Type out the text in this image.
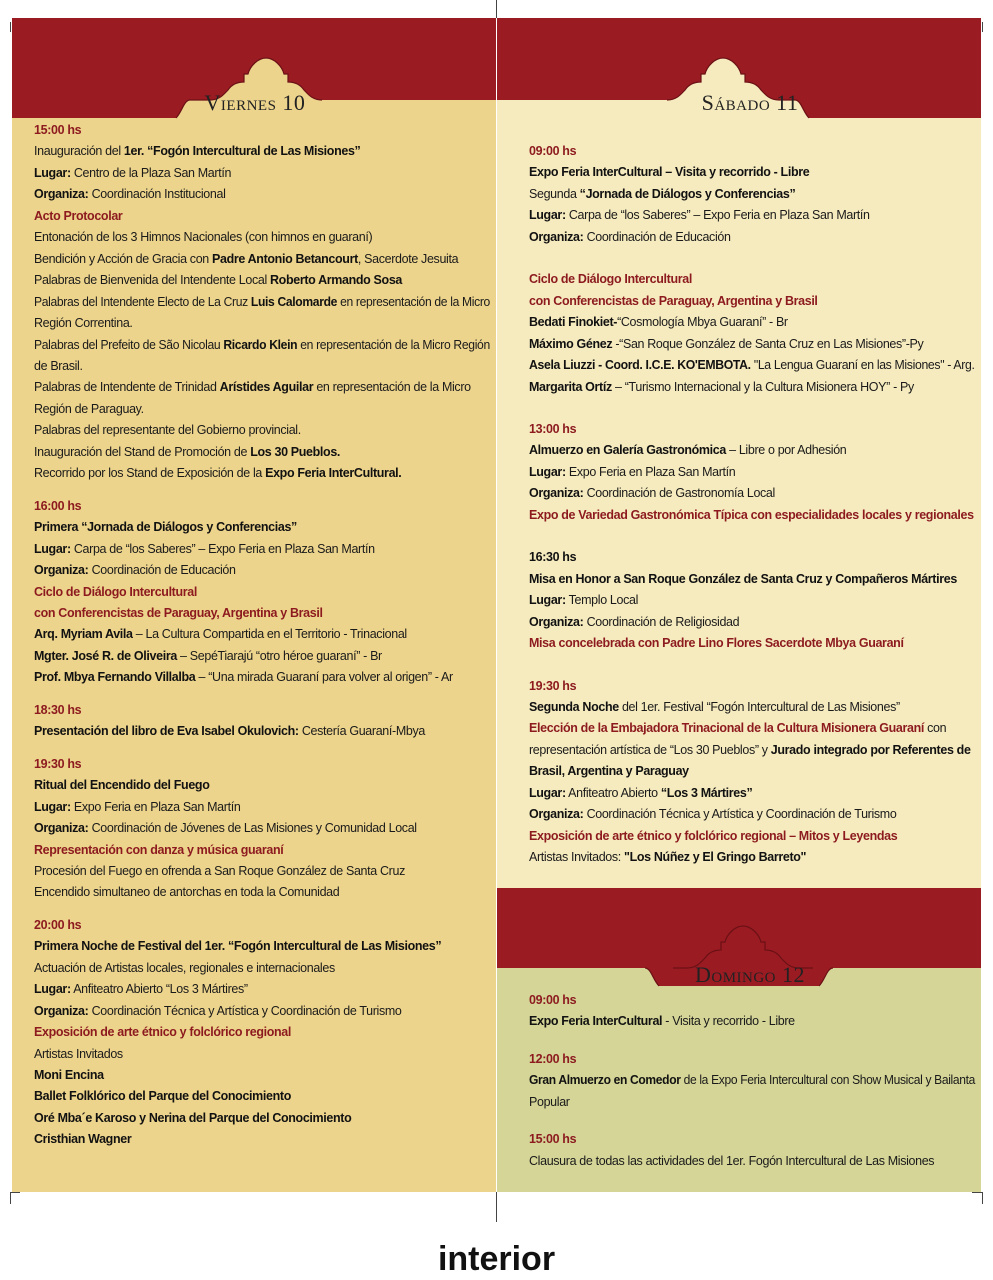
Viernes 10
15:00 hs
Inauguración del 1er. “Fogón Intercultural de Las Misiones”
Lugar: Centro de la Plaza San Martín
Organiza: Coordinación Institucional
Acto Protocolar
Entonación de los 3 Himnos Nacionales (con himnos en guaraní)
Bendición y Acción de Gracia con Padre Antonio Betancourt, Sacerdote Jesuita
Palabras de Bienvenida del Intendente Local Roberto Armando Sosa
Palabras del Intendente Electo de La Cruz Luis Calomarde en representación de la Micro
Región Correntina.
Palabras del Prefeito de São Nicolau Ricardo Klein en representación de la Micro Región
de Brasil.
Palabras de Intendente de Trinidad Arístides Aguilar en representación de la Micro
Región de Paraguay.
Palabras del representante del Gobierno provincial.
Inauguración del Stand de Promoción de Los 30 Pueblos.
Recorrido por los Stand de Exposición de la Expo Feria InterCultural.
16:00 hs
Primera “Jornada de Diálogos y Conferencias”
Lugar: Carpa de “los Saberes” – Expo Feria en Plaza San Martín
Organiza: Coordinación de Educación
Ciclo de Diálogo Intercultural
con Conferencistas de Paraguay, Argentina y Brasil
Arq. Myriam Avila – La Cultura Compartida en el Territorio - Trinacional
Mgter. José R. de Oliveira – SepéTiarajú “otro héroe guaraní” - Br
Prof. Mbya Fernando Villalba – “Una mirada Guaraní para volver al origen” - Ar
18:30 hs
Presentación del libro de Eva Isabel Okulovich: Cestería Guaraní-Mbya
19:30 hs
Ritual del Encendido del Fuego
Lugar: Expo Feria en Plaza San Martín
Organiza: Coordinación de Jóvenes de Las Misiones y Comunidad Local
Representación con danza y música guaraní
Procesión del Fuego en ofrenda a San Roque González de Santa Cruz
Encendido simultaneo de antorchas en toda la Comunidad
20:00 hs
Primera Noche de Festival del 1er. “Fogón Intercultural de Las Misiones”
Actuación de Artistas locales, regionales e internacionales
Lugar: Anfiteatro Abierto “Los 3 Mártires”
Organiza: Coordinación Técnica y Artística y Coordinación de Turismo
Exposición de arte étnico y folclórico regional
Artistas Invitados
Moni Encina
Ballet Folklórico del Parque del Conocimiento
Oré Mba´e Karoso y Nerina del Parque del Conocimiento
Cristhian Wagner
Sábado 11
09:00 hs
Expo Feria InterCultural – Visita y recorrido - Libre
Segunda “Jornada de Diálogos y Conferencias”
Lugar: Carpa de “los Saberes” – Expo Feria en Plaza San Martín
Organiza: Coordinación de Educación
Ciclo de Diálogo Intercultural
con Conferencistas de Paraguay, Argentina y Brasil
Bedati Finokiet-“Cosmología Mbya Guaraní” - Br
Máximo Génez -“San Roque González de Santa Cruz en Las Misiones”-Py
Asela Liuzzi - Coord. I.C.E. KO'EMBOTA. "La Lengua Guaraní en las Misiones" - Arg.
Margarita Ortíz – “Turismo Internacional y la Cultura Misionera HOY” - Py
13:00 hs
Almuerzo en Galería Gastronómica – Libre o por Adhesión
Lugar: Expo Feria en Plaza San Martín
Organiza: Coordinación de Gastronomía Local
Expo de Variedad Gastronómica Típica con especialidades locales y regionales
16:30 hs
Misa en Honor a San Roque González de Santa Cruz y Compañeros Mártires
Lugar: Templo Local
Organiza: Coordinación de Religiosidad
Misa concelebrada con Padre Lino Flores Sacerdote Mbya Guaraní
19:30 hs
Segunda Noche del 1er. Festival “Fogón Intercultural de Las Misiones”
Elección de la Embajadora Trinacional de la Cultura Misionera Guaraní con
representación artística de “Los 30 Pueblos” y Jurado integrado por Referentes de
Brasil, Argentina y Paraguay
Lugar: Anfiteatro Abierto “Los 3 Mártires”
Organiza: Coordinación Técnica y Artística y Coordinación de Turismo
Exposición de arte étnico y folclórico regional – Mitos y Leyendas
Artistas Invitados: "Los Núñez y El Gringo Barreto"
Domingo 12
09:00 hs
Expo Feria InterCultural - Visita y recorrido - Libre
12:00 hs
Gran Almuerzo en Comedor de la Expo Feria Intercultural con Show Musical y Bailanta
Popular
15:00 hs
Clausura de todas las actividades del 1er. Fogón Intercultural de Las Misiones
interior
